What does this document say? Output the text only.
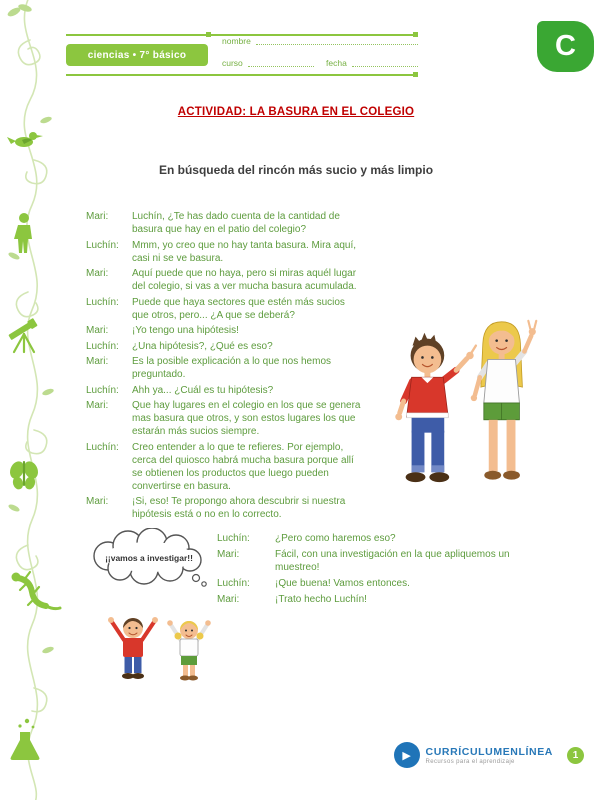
ciencias • 7° básico
nombre
curso	fecha
C
ACTIVIDAD: LA BASURA EN EL COLEGIO
En búsqueda del rincón más sucio y más limpio

Mari: Luchín, ¿Te has dado cuenta de la cantidad de basura que hay en el patio del colegio?

Luchín: Mmm, yo creo que no hay tanta basura. Mira aquí, casi ni se ve basura.

Mari: Aquí puede que no haya, pero si miras aquél lugar del colegio, si vas a ver mucha basura acumulada.

Luchín: Puede que haya sectores que estén más sucios que otros, pero... ¿A que se deberá?

Mari: ¡Yo tengo una hipótesis!

Luchín: ¿Una hipótesis?, ¿Qué es eso?

Mari: Es la posible explicación a lo que nos hemos preguntado.

Luchín: Ahh ya... ¿Cuál es tu hipótesis?

Mari: Que hay lugares en el colegio en los que se genera mas basura que otros, y son estos lugares los que estarán más sucios siempre.

Luchín: Creo entender a lo que te refieres. Por ejemplo, cerca del quiosco habrá mucha basura porque allí se obtienen los productos que luego pueden convertirse en basura.

Mari: ¡Si, eso! Te propongo ahora descubrir si nuestra hipótesis está o no en lo correcto.

¡¡vamos a investigar!!

Luchín:	¿Pero como haremos eso?

Mari:	Fácil, con una investigación en la que apliquemos un muestreo!

Luchín:	¡Que buena! Vamos entonces.

Mari:	¡Trato hecho Luchín!

▶	CURRÍCULUMENLÍNEA
Recursos para el aprendizaje
1
